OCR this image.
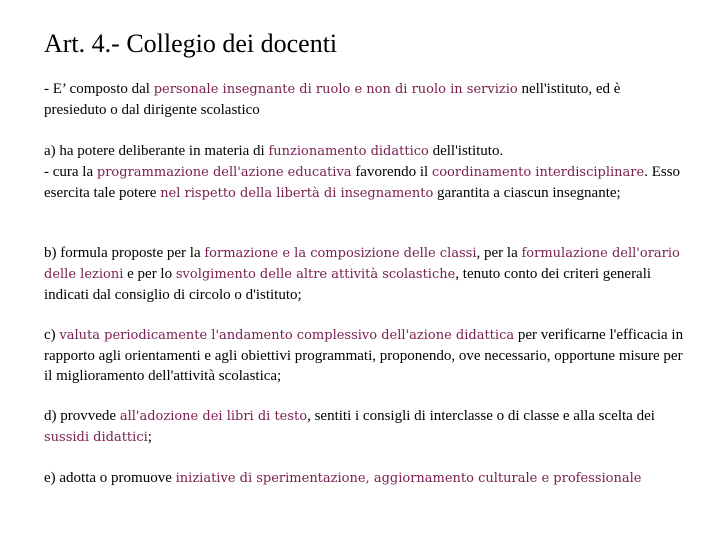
Art. 4.- Collegio dei docenti
- E’ composto dal personale insegnante di ruolo e non di ruolo in servizio nell'istituto, ed è presieduto o dal dirigente scolastico
a) ha potere deliberante in materia di funzionamento didattico dell'istituto.
- cura la programmazione dell'azione educativa favorendo il coordinamento interdisciplinare. Esso esercita tale potere nel rispetto della libertà di insegnamento garantita a ciascun insegnante;
b) formula proposte per la formazione e la composizione delle classi, per la formulazione dell'orario delle lezioni e per lo svolgimento delle altre attività scolastiche, tenuto conto dei criteri generali indicati dal consiglio di circolo o d'istituto;
c) valuta periodicamente l'andamento complessivo dell'azione didattica per verificarne l'efficacia in rapporto agli orientamenti e agli obiettivi programmati, proponendo, ove necessario, opportune misure per il miglioramento dell'attività scolastica;
d) provvede all'adozione dei libri di testo, sentiti i consigli di interclasse o di classe e alla scelta dei sussidi didattici;
e) adotta o promuove iniziative di sperimentazione, aggiornamento culturale e professionale
